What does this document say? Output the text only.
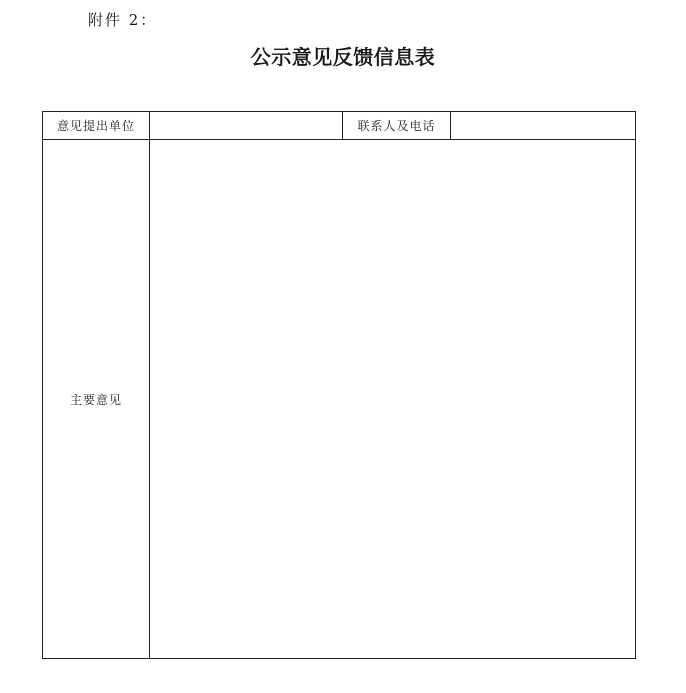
附件 2：
公示意见反馈信息表
意见提出单位		联系人及电话	
主要意见			
